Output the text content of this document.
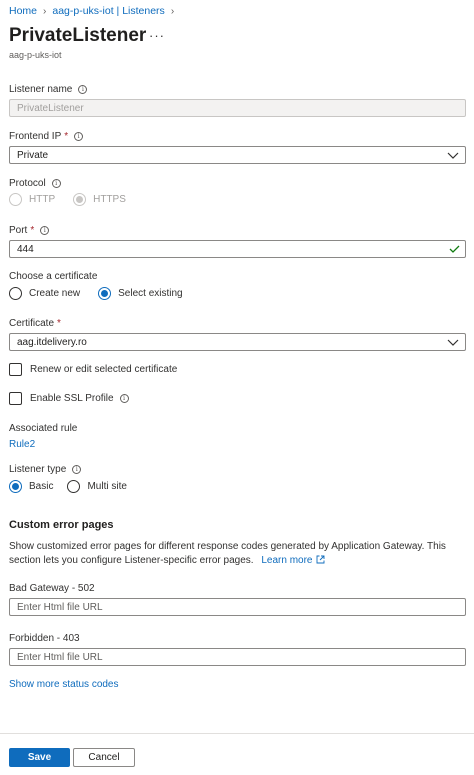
Home › aag-p-uks-iot | Listeners ›
PrivateListener ···
aag-p-uks-iot
Listener name	i
PrivateListener
Frontend IP *	i
Private
Protocol	i
HTTP	HTTPS
Port *	i
444
Choose a certificate
Create new	Select existing
Certificate *
aag.itdelivery.ro
Renew or edit selected certificate
Enable SSL Profile	i
Associated rule
Rule2
Listener type	i
Basic	Multi site
Custom error pages
Show customized error pages for different response codes generated by Application Gateway. This section lets you configure Listener-specific error pages. Learn more
Bad Gateway - 502
Enter Html file URL
Forbidden - 403
Enter Html file URL
Show more status codes
Save	Cancel
